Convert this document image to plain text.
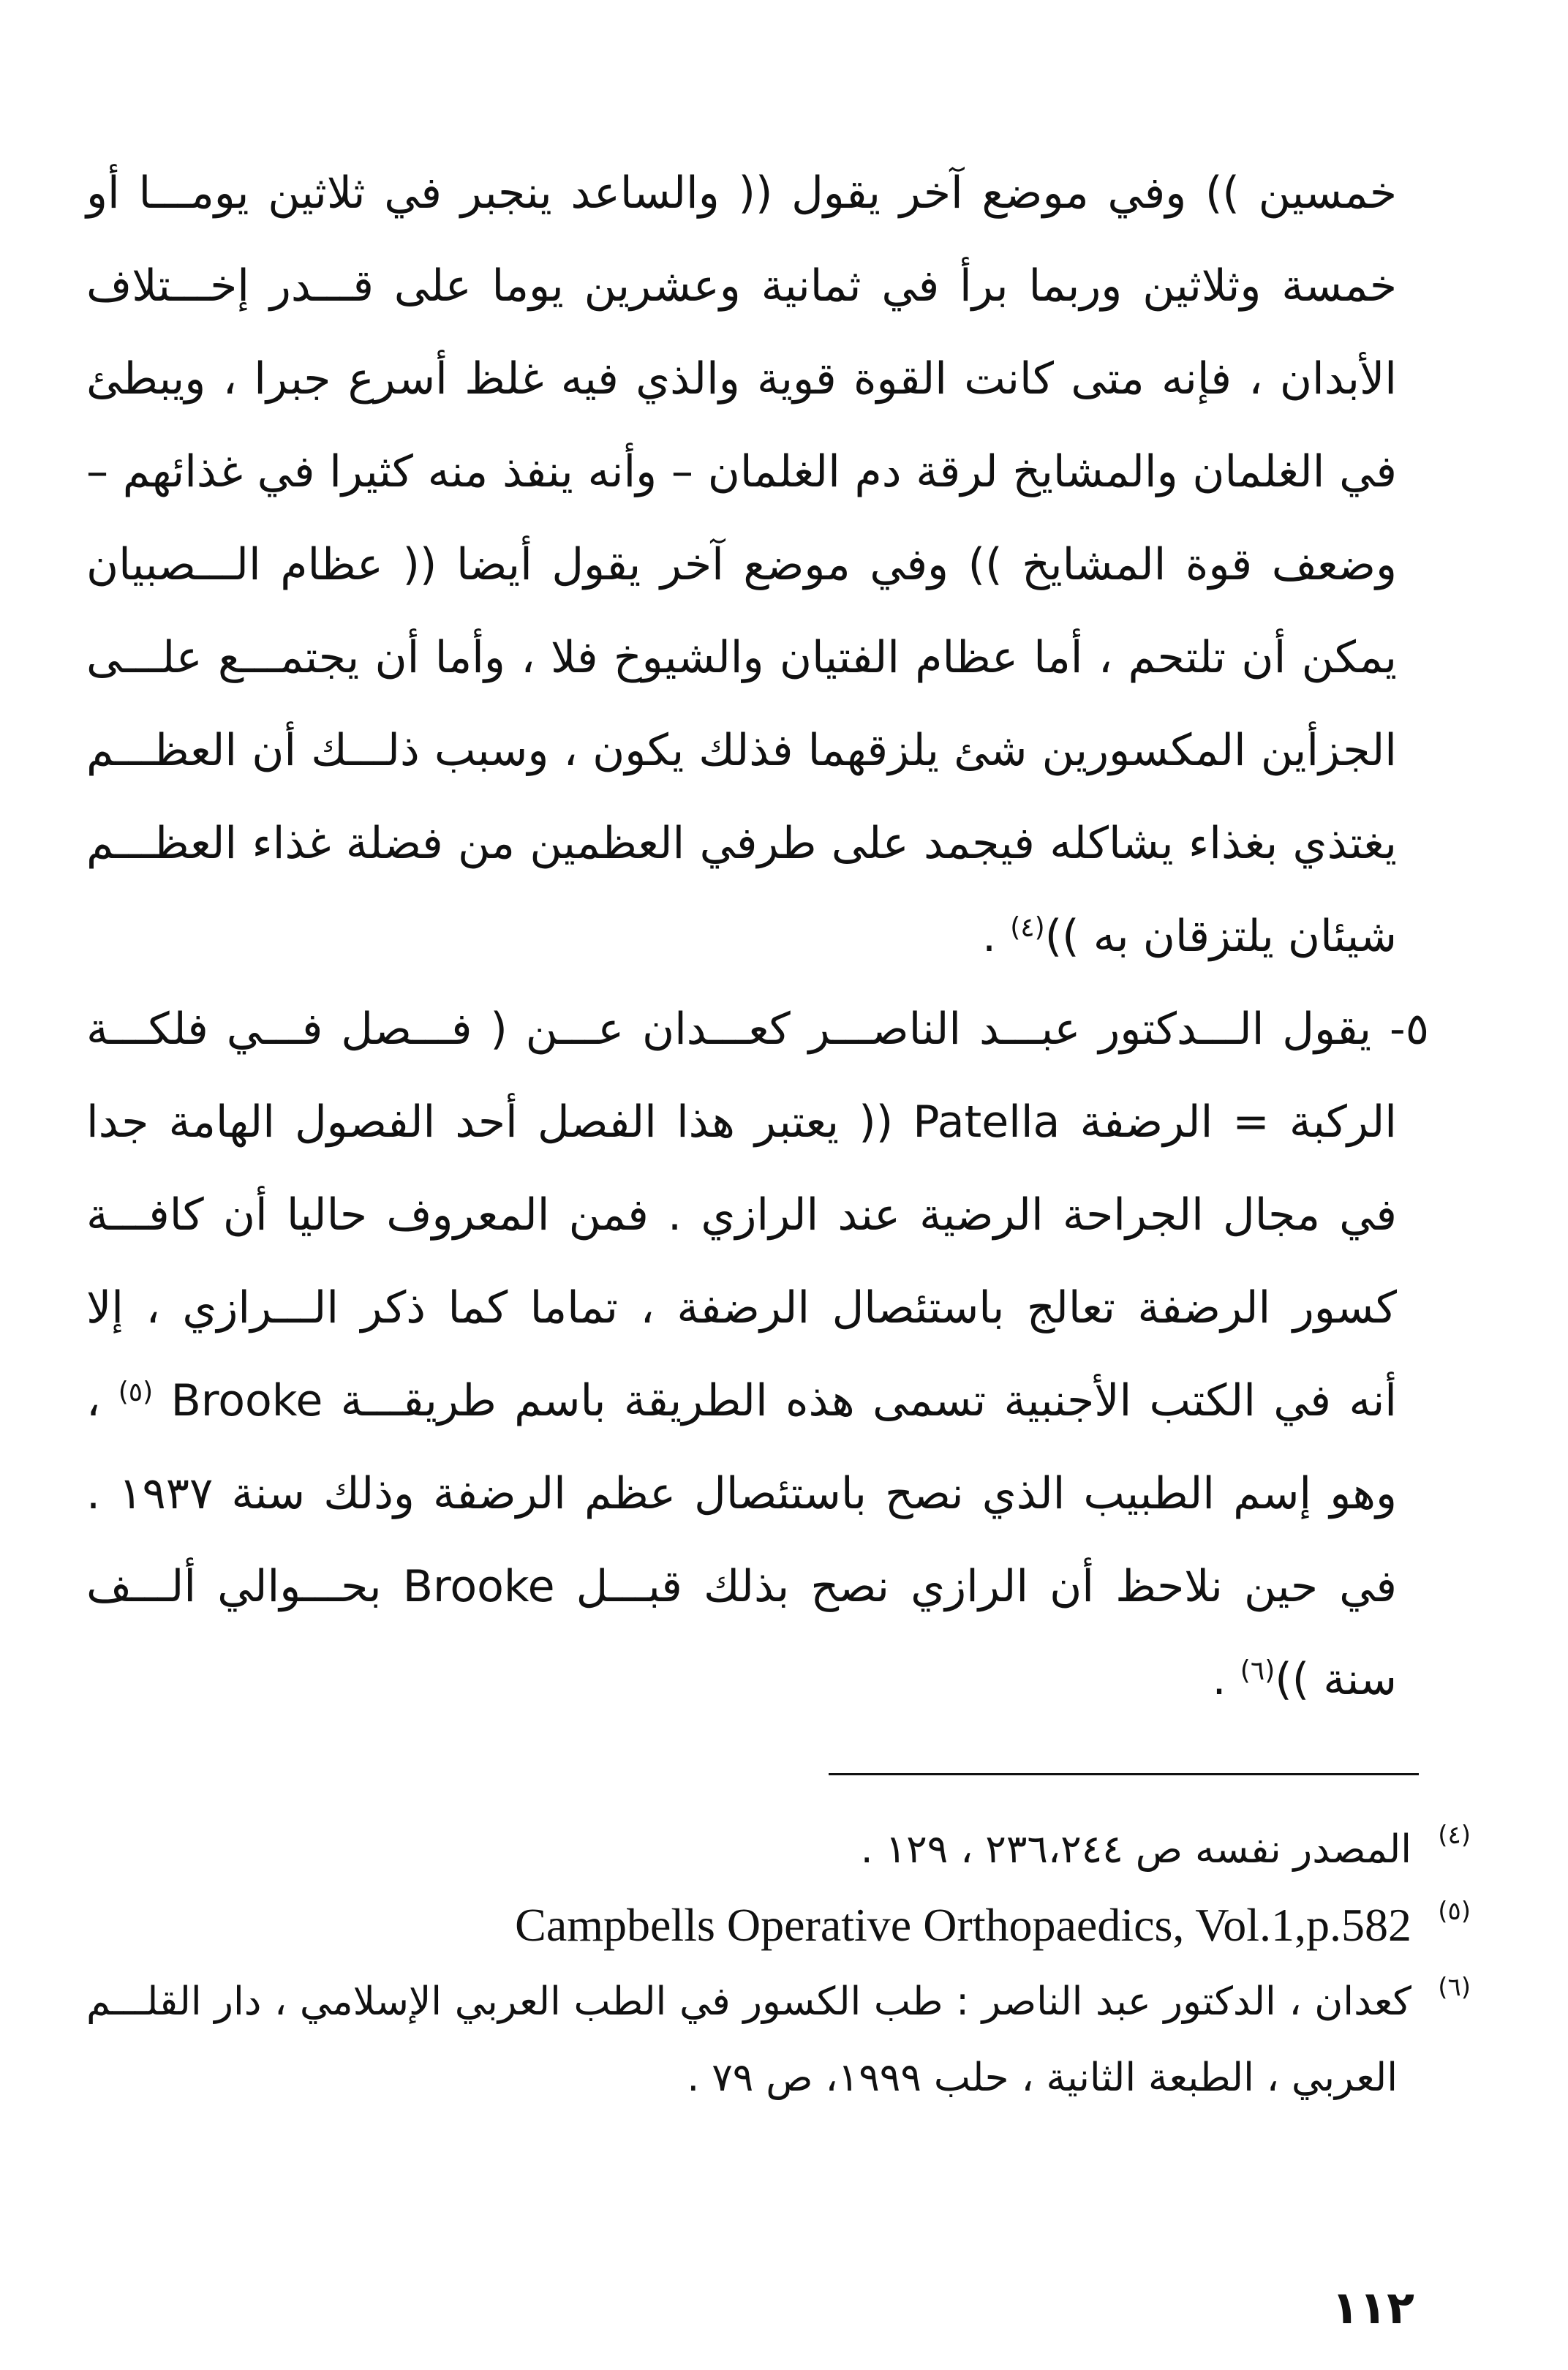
خمسين )) وفي موضع آخر يقول (( والساعد ينجبر في ثلاثين يومـــا أو
خمسة وثلاثين وربما برأ في ثمانية وعشرين يوما على قـــدر إخـــتلاف
الأبدان ، فإنه متى كانت القوة قوية والذي فيه غلظ أسرع جبرا ، ويبطئ
في الغلمان والمشايخ لرقة دم الغلمان – وأنه ينفذ منه كثيرا في غذائهم –
وضعف قوة المشايخ )) وفي موضع آخر يقول أيضا (( عظام الـــصبيان
يمكن أن تلتحم ، أما عظام الفتيان والشيوخ فلا ، وأما أن يجتمـــع علـــى
الجزأين المكسورين شئ يلزقهما فذلك يكون ، وسبب ذلـــك أن العظـــم
يغتذي بغذاء يشاكله فيجمد على طرفي العظمين من فضلة غذاء العظـــم
شيئان يلتزقان به ))$^{(٤)}$ .
٥- يقول الـــدكتور عبـــد الناصـــر كعـــدان عـــن ( فـــصل فـــي فلكـــة
الركبة = الرضفة Patella (( يعتبر هذا الفصل أحد الفصول الهامة جدا
في مجال الجراحة الرضية عند الرازي . فمن المعروف حاليا أن كافـــة
كسور الرضفة تعالج باستئصال الرضفة ، تماما كما ذكر الـــرازي ، إلا
أنه في الكتب الأجنبية تسمى هذه الطريقة باسم طريقـــة Brooke $^{(٥)}$ ،
وهو إسم الطبيب الذي نصح باستئصال عظم الرضفة وذلك سنة ١٩٣٧ .
في حين نلاحظ أن الرازي نصح بذلك قبـــل Brooke بحـــوالي ألـــف
سنة ))$^{(٦)}$ .
(٤)
المصدر نفسه ص ٢٣٦،٢٤٤ ، ١٢٩ .
(٥)
Campbells Operative Orthopaedics, Vol.1,p.582
(٦)
كعدان ، الدكتور عبد الناصر : طب الكسور في الطب العربي الإسلامي ، دار القلـــم
العربي ، الطبعة الثانية ، حلب ١٩٩٩، ص ٧٩ .
١١٢
